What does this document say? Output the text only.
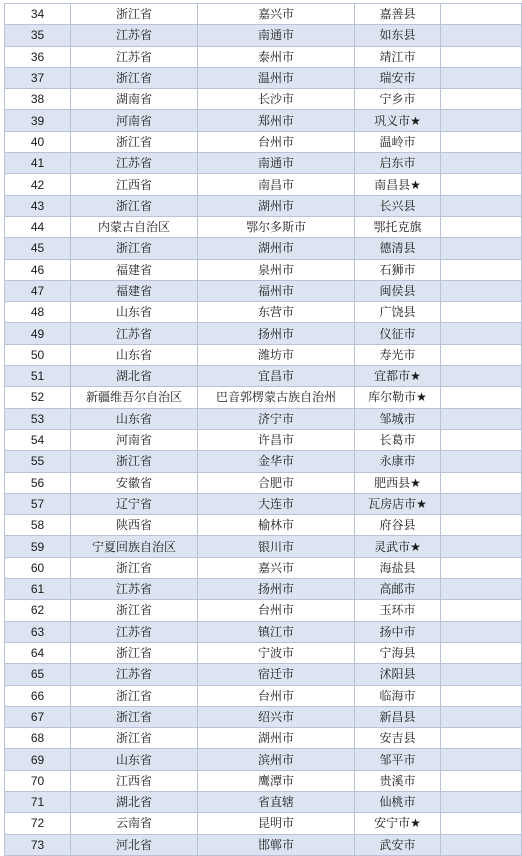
34	浙江省	嘉兴市	嘉善县	
35	江苏省	南通市	如东县	
36	江苏省	泰州市	靖江市	
37	浙江省	温州市	瑞安市	
38	湖南省	长沙市	宁乡市	
39	河南省	郑州市	巩义市★	
40	浙江省	台州市	温岭市	
41	江苏省	南通市	启东市	
42	江西省	南昌市	南昌县★	
43	浙江省	湖州市	长兴县	
44	内蒙古自治区	鄂尔多斯市	鄂托克旗	
45	浙江省	湖州市	德清县	
46	福建省	泉州市	石狮市	
47	福建省	福州市	闽侯县	
48	山东省	东营市	广饶县	
49	江苏省	扬州市	仪征市	
50	山东省	潍坊市	寿光市	
51	湖北省	宜昌市	宜都市★	
52	新疆维吾尔自治区	巴音郭楞蒙古族自治州	库尔勒市★	
53	山东省	济宁市	邹城市	
54	河南省	许昌市	长葛市	
55	浙江省	金华市	永康市	
56	安徽省	合肥市	肥西县★	
57	辽宁省	大连市	瓦房店市★	
58	陕西省	榆林市	府谷县	
59	宁夏回族自治区	银川市	灵武市★	
60	浙江省	嘉兴市	海盐县	
61	江苏省	扬州市	高邮市	
62	浙江省	台州市	玉环市	
63	江苏省	镇江市	扬中市	
64	浙江省	宁波市	宁海县	
65	江苏省	宿迁市	沭阳县	
66	浙江省	台州市	临海市	
67	浙江省	绍兴市	新昌县	
68	浙江省	湖州市	安吉县	
69	山东省	滨州市	邹平市	
70	江西省	鹰潭市	贵溪市	
71	湖北省	省直辖	仙桃市	
72	云南省	昆明市	安宁市★	
73	河北省	邯郸市	武安市	
